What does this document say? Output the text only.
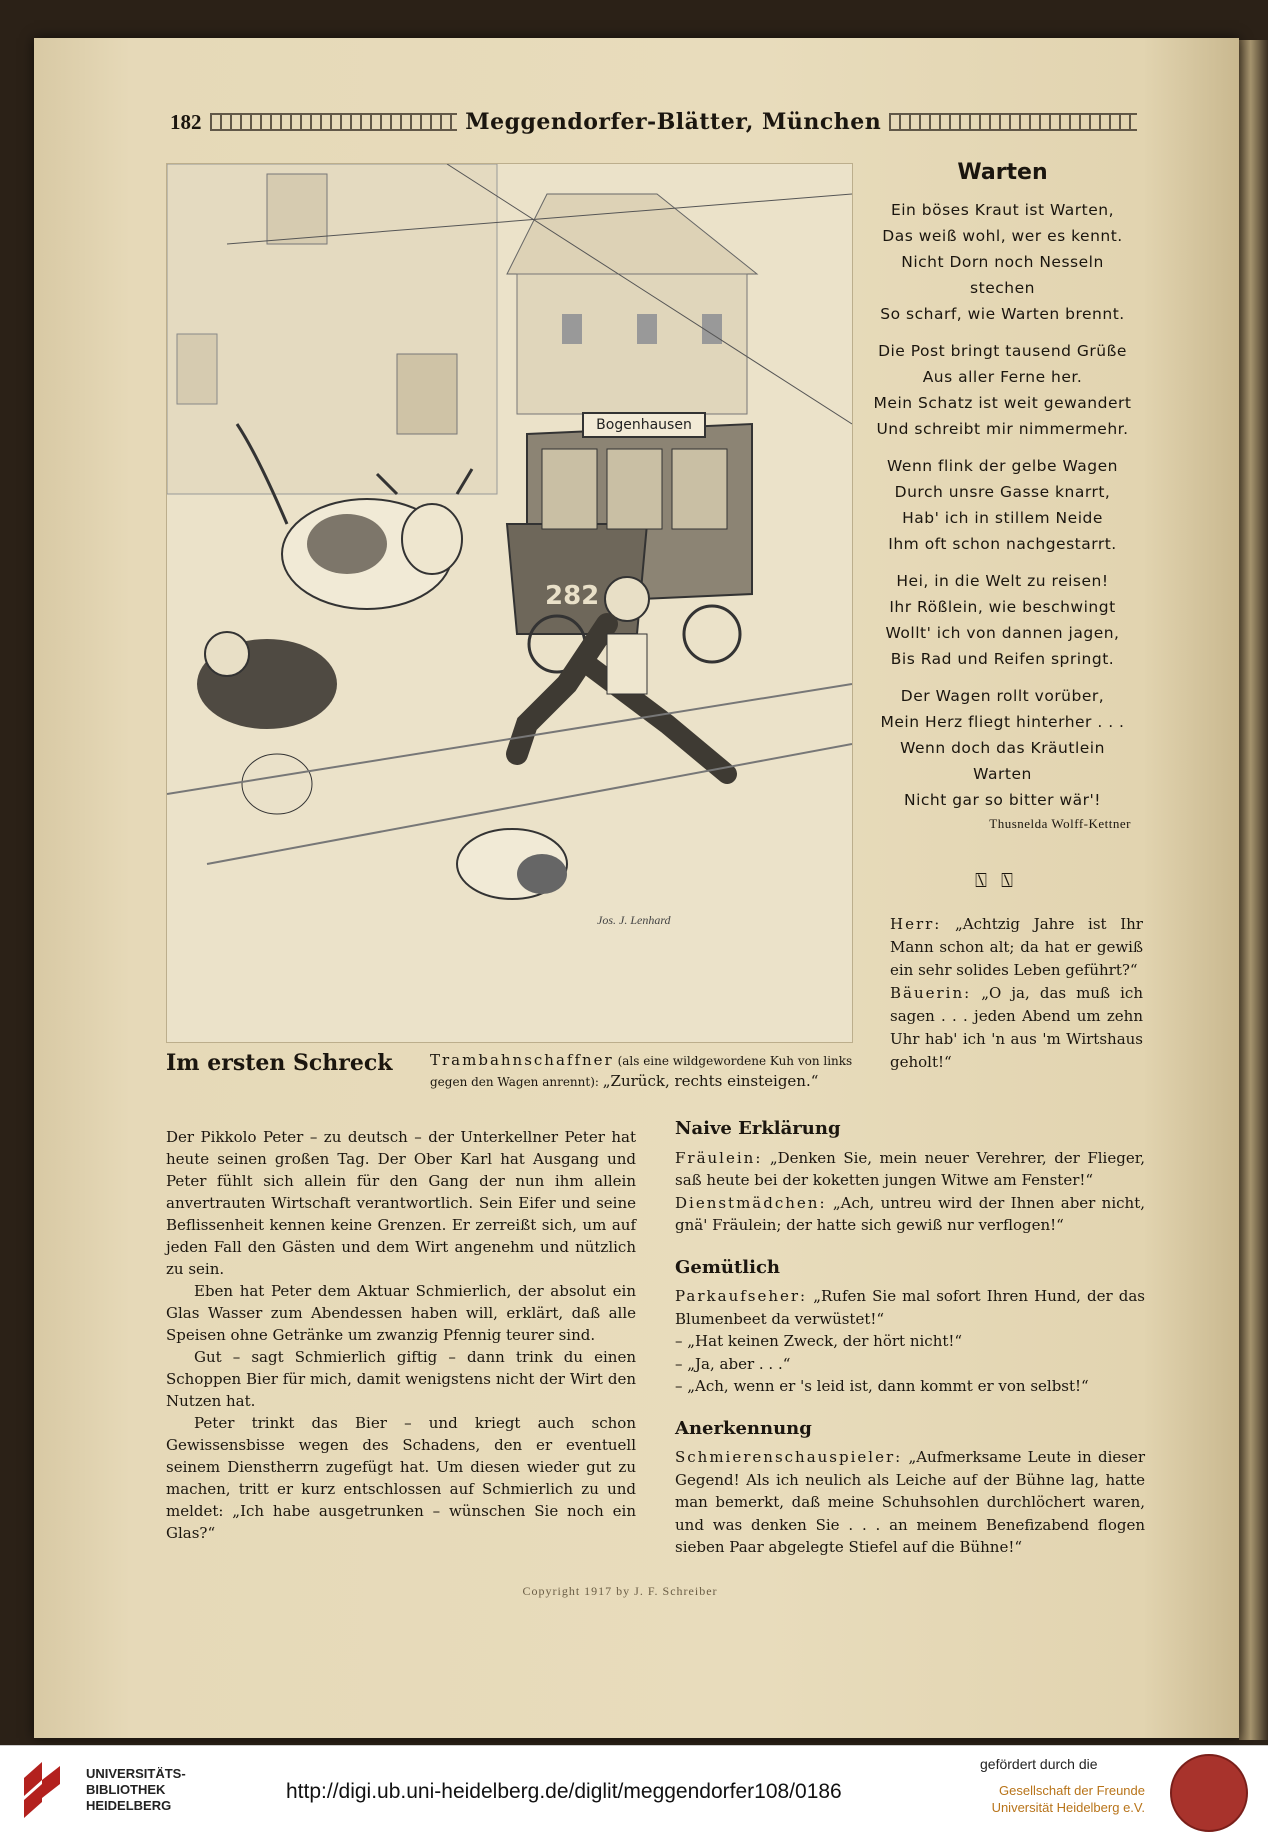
182	Meggendorfer-Blätter, München
282
Jos. J. Lenhard
Bogenhausen
Im ersten Schreck Trambahnschaffner (als eine wildgewordene Kuh von links gegen den Wagen anrennt): „Zurück, rechts einsteigen.“
Warten
Ein böses Kraut ist Warten,
Das weiß wohl, wer es kennt.
Nicht Dorn noch Nesseln
stechen
So scharf, wie Warten brennt.
Die Post bringt tausend Grüße
Aus aller Ferne her.
Mein Schatz ist weit gewandert
Und schreibt mir nimmermehr.
Wenn flink der gelbe Wagen
Durch unsre Gasse knarrt,
Hab' ich in stillem Neide
Ihm oft schon nachgestarrt.
Hei, in die Welt zu reisen!
Ihr Rößlein, wie beschwingt
Wollt' ich von dannen jagen,
Bis Rad und Reifen springt.
Der Wagen rollt vorüber,
Mein Herz fliegt hinterher . . .
Wenn doch das Kräutlein
Warten
Nicht gar so bitter wär'!
Thusnelda Wolff-Kettner
⍂⍂

Herr: „Achtzig Jahre ist Ihr Mann schon alt; da hat er gewiß ein sehr solides Leben geführt?“

Bäuerin: „O ja, das muß ich sagen . . . jeden Abend um zehn Uhr hab' ich 'n aus 'm Wirtshaus geholt!“

Der Pikkolo Peter – zu deutsch – der Unterkellner Peter hat heute seinen großen Tag. Der Ober Karl hat Ausgang und Peter fühlt sich allein für den Gang der nun ihm allein anvertrauten Wirtschaft verantwortlich. Sein Eifer und seine Beflissenheit kennen keine Grenzen. Er zerreißt sich, um auf jeden Fall den Gästen und dem Wirt angenehm und nützlich zu sein.

Eben hat Peter dem Aktuar Schmierlich, der absolut ein Glas Wasser zum Abendessen haben will, erklärt, daß alle Speisen ohne Getränke um zwanzig Pfennig teurer sind.

Gut – sagt Schmierlich giftig – dann trink du einen Schoppen Bier für mich, damit wenigstens nicht der Wirt den Nutzen hat.

Peter trinkt das Bier – und kriegt auch schon Gewissensbisse wegen des Schadens, den er eventuell seinem Dienstherrn zugefügt hat. Um diesen wieder gut zu machen, tritt er kurz entschlossen auf Schmierlich zu und meldet: „Ich habe ausgetrunken – wünschen Sie noch ein Glas?“

Naive Erklärung

Fräulein: „Denken Sie, mein neuer Verehrer, der Flieger, saß heute bei der koketten jungen Witwe am Fenster!“

Dienstmädchen: „Ach, untreu wird der Ihnen aber nicht, gnä' Fräulein; der hatte sich gewiß nur verflogen!“

Gemütlich

Parkaufseher: „Rufen Sie mal sofort Ihren Hund, der das Blumenbeet da verwüstet!“

– „Hat keinen Zweck, der hört nicht!“

– „Ja, aber . . .“

– „Ach, wenn er 's leid ist, dann kommt er von selbst!“

Anerkennung

Schmierenschauspieler: „Aufmerksame Leute in dieser Gegend! Als ich neulich als Leiche auf der Bühne lag, hatte man bemerkt, daß meine Schuhsohlen durchlöchert waren, und was denken Sie . . . an meinem Benefizabend flogen sieben Paar abgelegte Stiefel auf die Bühne!“

Copyright 1917 by J. F. Schreiber
UNIVERSITÄTS-
BIBLIOTHEK
HEIDELBERG
http://digi.ub.uni-heidelberg.de/diglit/meggendorfer108/0186
gefördert durch die
Gesellschaft der Freunde
Universität Heidelberg e.V.
